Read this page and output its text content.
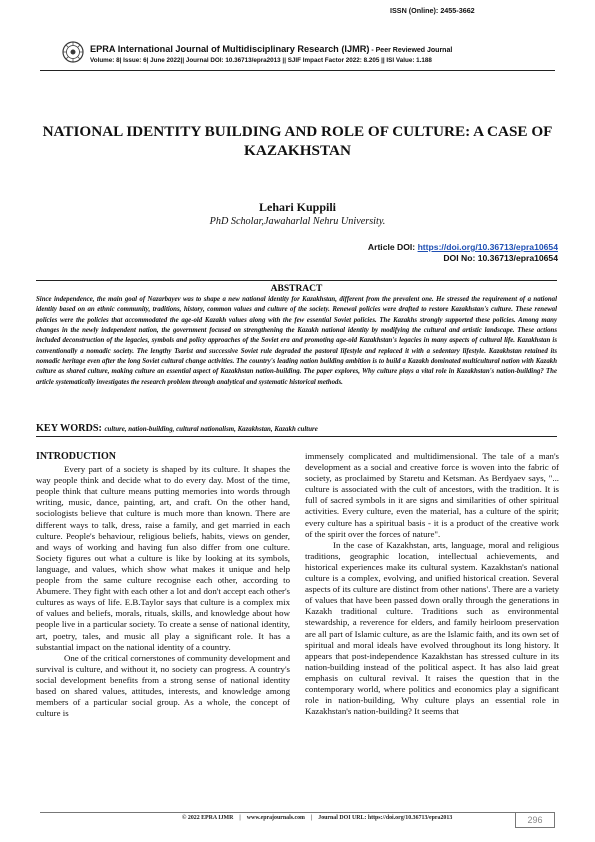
ISSN (Online): 2455-3662
EPRA International Journal of Multidisciplinary Research (IJMR) - Peer Reviewed Journal
Volume: 8| Issue: 6| June 2022|| Journal DOI: 10.36713/epra2013 || SJIF Impact Factor 2022: 8.205 || ISI Value: 1.188
NATIONAL IDENTITY BUILDING AND ROLE OF CULTURE: A CASE OF KAZAKHSTAN
Lehari Kuppili
PhD Scholar,Jawaharlal Nehru University.
Article DOI: https://doi.org/10.36713/epra10654
DOI No: 10.36713/epra10654
ABSTRACT
Since independence, the main goal of Nazarbayev was to shape a new national identity for Kazakhstan, different from the prevalent one. He stressed the requirement of a national identity based on an ethnic community, traditions, history, common values and culture of the society. Renewal policies were drafted to restore Kazakhstan's culture. These renewal policies were the policies that accommodated the age-old Kazakh values along with the few essential Soviet policies. The Kazakhs strongly supported these policies. Among many changes in the newly independent nation, the government focused on strengthening the Kazakh national identity by modifying the cultural and artistic landscape. These actions included deconstruction of the legacies, symbols and policy approaches of the Soviet era and promoting age-old Kazakhstan's legacies in many aspects of cultural life. Kazakhstan is conventionally a nomadic society. The lengthy Tsarist and successive Soviet rule degraded the pastoral lifestyle and replaced it with a sedentary lifestyle. Kazakhstan retained its nomadic heritage even after the long Soviet cultural change activities. The country's leading nation building ambition is to build a Kazakh dominated multicultural nation with Kazakh culture as shared culture, making culture an essential aspect of Kazakhstan nation-building. The paper explores, Why culture plays a vital role in Kazakhstan's nation-building? The article systematically investigates the research problem through analytical and systematic historical methods.
KEY WORDS: culture, nation-building, cultural nationalism, Kazakhstan, Kazakh culture
INTRODUCTION

Every part of a society is shaped by its culture. It shapes the way people think and decide what to do every day. Most of the time, people think that culture means putting memories into words through writing, music, dance, painting, art, and craft. On the other hand, sociologists believe that culture is much more than known. There are different ways to talk, dress, raise a family, and get married in each culture. People's behaviour, religious beliefs, habits, views on gender, and ways of working and having fun also differ from one culture. Society figures out what a culture is like by looking at its symbols, language, and values, which show what makes it unique and help people from the same culture recognise each other, according to Abumere. They fight with each other a lot and don't accept each other's cultures as ways of life. E.B.Taylor says that culture is a complex mix of values and beliefs, morals, rituals, skills, and knowledge about how people live in a particular society. To create a sense of national identity, art, poetry, tales, and music all play a significant role. It has a substantial impact on the national identity of a country.

One of the critical cornerstones of community development and survival is culture, and without it, no society can progress. A country's social development benefits from a strong sense of national identity based on shared values, attitudes, interests, and knowledge among members of a particular social group. As a whole, the concept of culture is

immensely complicated and multidimensional. The tale of a man's development as a social and creative force is woven into the fabric of society, as proclaimed by Staretu and Ketsman. As Berdyaev says, "... culture is associated with the cult of ancestors, with the tradition. It is full of sacred symbols in it are signs and similarities of other spiritual activities. Every culture, even the material, has a culture of the spirit; every culture has a spiritual basis - it is a product of the creative work of the spirit over the forces of nature".

In the case of Kazakhstan, arts, language, moral and religious traditions, geographic location, intellectual achievements, and historical experiences make its cultural system. Kazakhstan's national culture is a complex, evolving, and unified historical creation. Several aspects of its culture are distinct from other nations'. There are a variety of values that have been passed down orally through the generations in Kazakh traditional culture. Traditions such as environmental stewardship, a reverence for elders, and family heirloom preservation are all part of Islamic culture, as are the Islamic faith, and its own set of spiritual and moral ideals have evolved throughout its long history. It appears that post-independence Kazakhstan has stressed culture in its nation-building instead of the political aspect. It has also laid great emphasis on cultural revival. It raises the question that in the contemporary world, where politics and economics play a significant role in nation-building, Why culture plays an essential role in Kazakhstan's nation-building? It seems that

© 2022 EPRA IJMR | www.eprajournals.com | Journal DOI URL: https://doi.org/10.36713/epra2013	296
